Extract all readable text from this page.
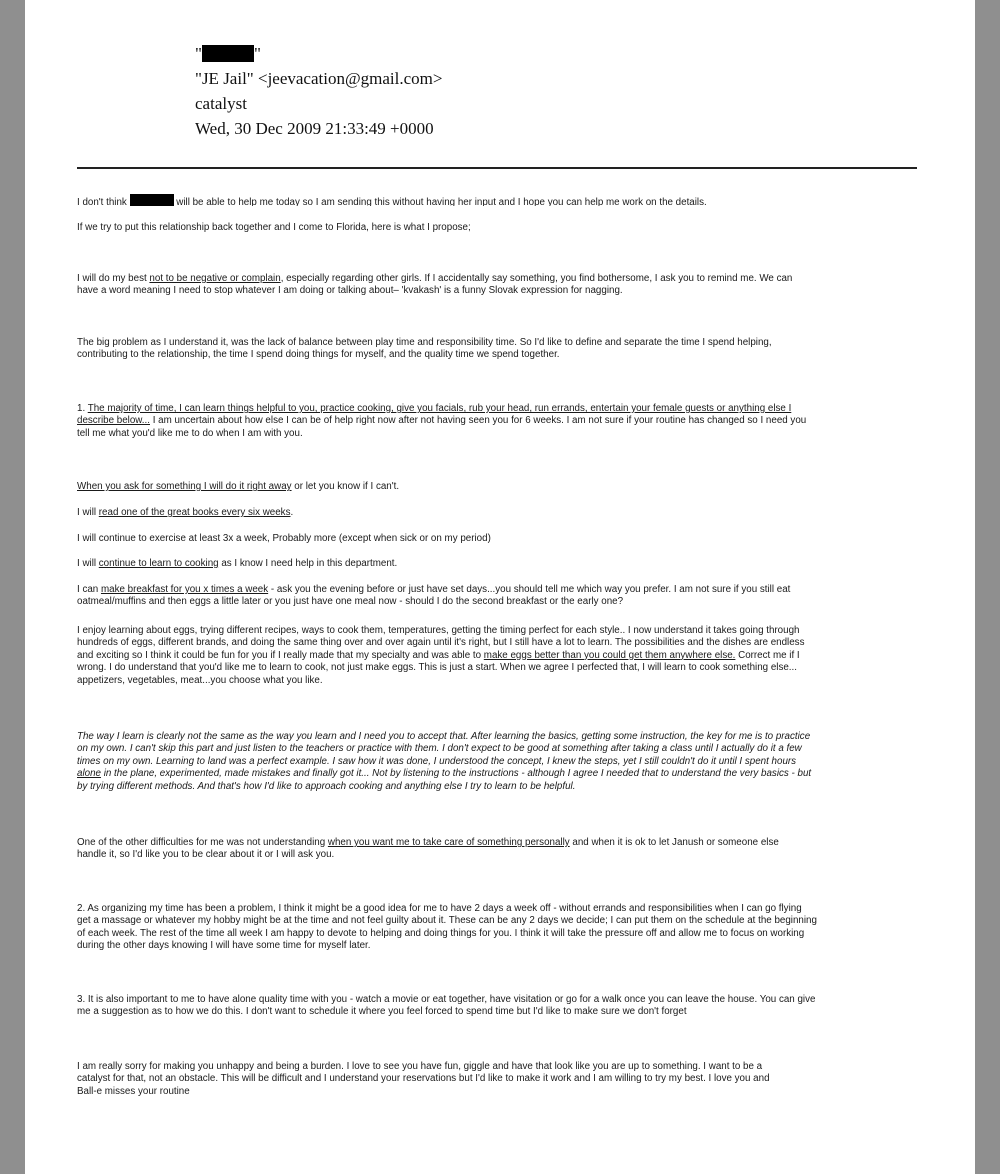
"	"
"JE Jail" <jeevacation@gmail.com>
catalyst
Wed, 30 Dec 2009 21:33:49 +0000
I don't think	will be able to help me today so I am sending this without having her input and I hope you can help me work on the details.
If we try to put this relationship back together and I come to Florida, here is what I propose;
I will do my best not to be negative or complain, especially regarding other girls. If I accidentally say something, you find bothersome, I ask you to remind me. We can
have a word meaning I need to stop whatever I am doing or talking about– 'kvakash' is a funny Slovak expression for nagging.
The big problem as I understand it, was the lack of balance between play time and responsibility time. So I'd like to define and separate the time I spend helping,
contributing to the relationship, the time I spend doing things for myself, and the quality time we spend together.
1. The majority of time, I can learn things helpful to you, practice cooking, give you facials, rub your head, run errands, entertain your female guests or anything else I
describe below... I am uncertain about how else I can be of help right now after not having seen you for 6 weeks. I am not sure if your routine has changed so I need you
tell me what you'd like me to do when I am with you.
When you ask for something I will do it right away or let you know if I can't.
I will read one of the great books every six weeks.
I will continue to exercise at least 3x a week, Probably more (except when sick or on my period)
I will continue to learn to cooking as I know I need help in this department.
I can make breakfast for you x times a week - ask you the evening before or just have set days...you should tell me which way you prefer. I am not sure if you still eat
oatmeal/muffins and then eggs a little later or you just have one meal now - should I do the second breakfast or the early one?
I enjoy learning about eggs, trying different recipes, ways to cook them, temperatures, getting the timing perfect for each style.. I now understand it takes going through
hundreds of eggs, different brands, and doing the same thing over and over again until it's right, but I still have a lot to learn. The possibilities and the dishes are endless
and exciting so I think it could be fun for you if I really made that my specialty and was able to make eggs better than you could get them anywhere else. Correct me if I
wrong. I do understand that you'd like me to learn to cook, not just make eggs. This is just a start. When we agree I perfected that, I will learn to cook something else...
appetizers, vegetables, meat...you choose what you like.
The way I learn is clearly not the same as the way you learn and I need you to accept that. After learning the basics, getting some instruction, the key for me is to practice
on my own. I can't skip this part and just listen to the teachers or practice with them. I don't expect to be good at something after taking a class until I actually do it a few
times on my own. Learning to land was a perfect example. I saw how it was done, I understood the concept, I knew the steps, yet I still couldn't do it until I spent hours
alone in the plane, experimented, made mistakes and finally got it... Not by listening to the instructions - although I agree I needed that to understand the very basics - but
by trying different methods. And that's how I'd like to approach cooking and anything else I try to learn to be helpful.
One of the other difficulties for me was not understanding when you want me to take care of something personally and when it is ok to let Janush or someone else
handle it, so I'd like you to be clear about it or I will ask you.
2. As organizing my time has been a problem, I think it might be a good idea for me to have 2 days a week off - without errands and responsibilities when I can go flying
get a massage or whatever my hobby might be at the time and not feel guilty about it. These can be any 2 days we decide; I can put them on the schedule at the beginning
of each week. The rest of the time all week I am happy to devote to helping and doing things for you. I think it will take the pressure off and allow me to focus on working
during the other days knowing I will have some time for myself later.
3. It is also important to me to have alone quality time with you - watch a movie or eat together, have visitation or go for a walk once you can leave the house. You can give
me a suggestion as to how we do this. I don't want to schedule it where you feel forced to spend time but I'd like to make sure we don't forget
I am really sorry for making you unhappy and being a burden. I love to see you have fun, giggle and have that look like you are up to something. I want to be a
catalyst for that, not an obstacle. This will be difficult and I understand your reservations but I'd like to make it work and I am willing to try my best. I love you and
Ball-e misses your routine
